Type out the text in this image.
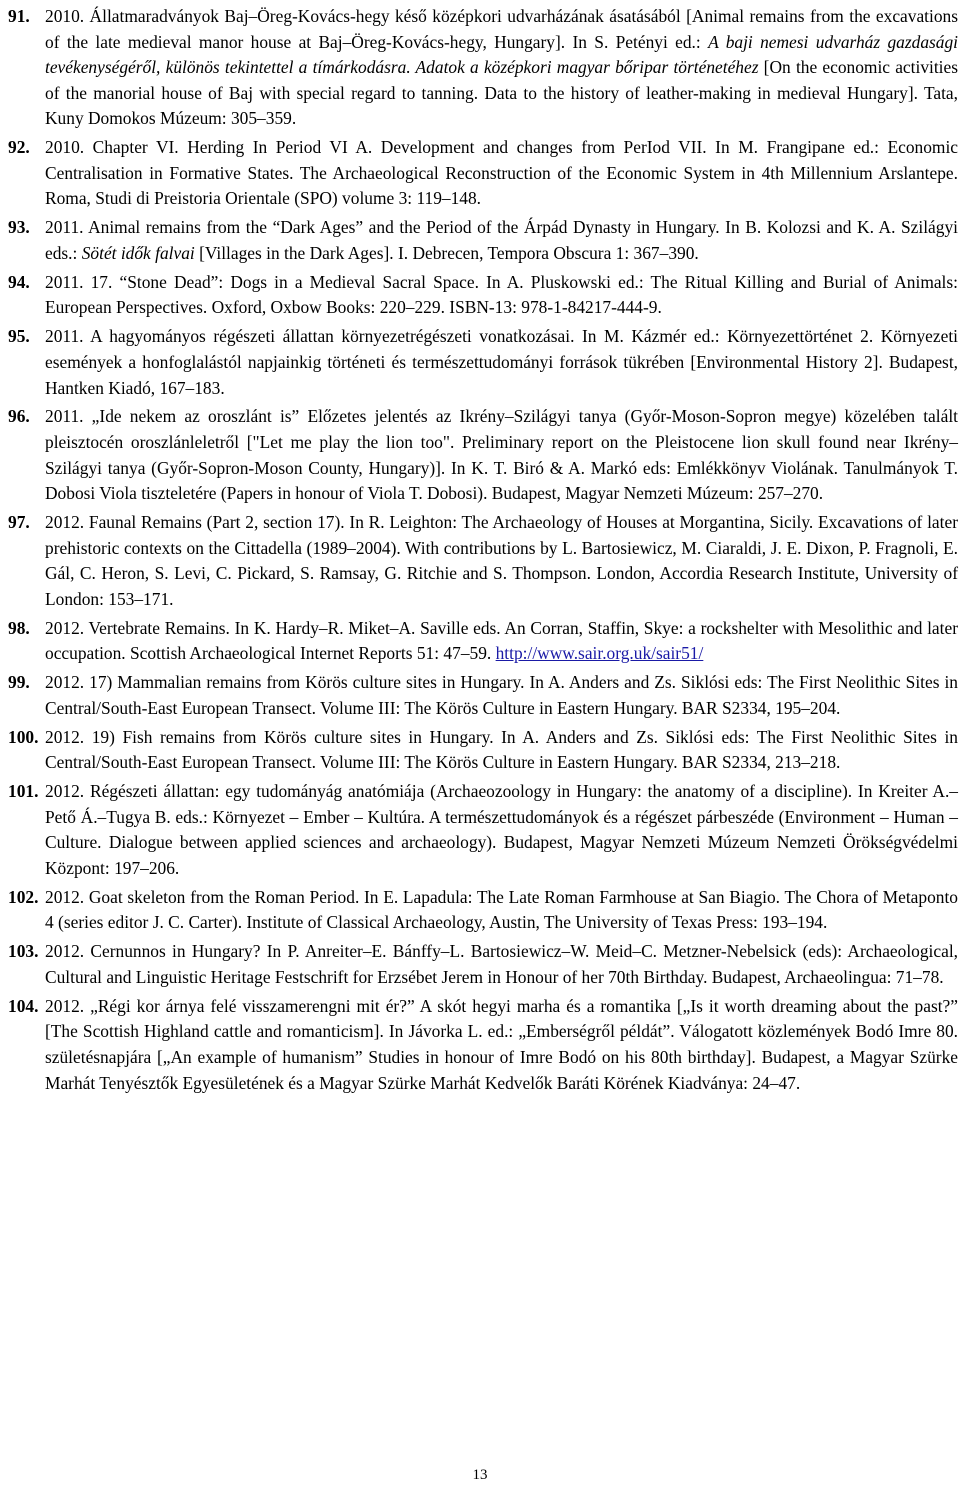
91. 2010. Állatmaradványok Baj–Öreg-Kovács-hegy késő középkori udvarházának ásatásából [Animal remains from the excavations of the late medieval manor house at Baj–Öreg-Kovács-hegy, Hungary]. In S. Petényi ed.: A baji nemesi udvarház gazdasági tevékenységéről, különös tekintettel a tímárkodásra. Adatok a középkori magyar bőripar történetéhez [On the economic activities of the manorial house of Baj with special regard to tanning. Data to the history of leather-making in medieval Hungary]. Tata, Kuny Domokos Múzeum: 305–359.
92. 2010. Chapter VI. Herding In Period VI A. Development and changes from PerIod VII. In M. Frangipane ed.: Economic Centralisation in Formative States. The Archaeological Reconstruction of the Economic System in 4th Millennium Arslantepe. Roma, Studi di Preistoria Orientale (SPO) volume 3: 119–148.
93. 2011. Animal remains from the “Dark Ages” and the Period of the Árpád Dynasty in Hungary. In B. Kolozsi and K. A. Szilágyi eds.: Sötét idők falvai [Villages in the Dark Ages]. I. Debrecen, Tempora Obscura 1: 367–390.
94. 2011. 17. “Stone Dead”: Dogs in a Medieval Sacral Space. In A. Pluskowski ed.: The Ritual Killing and Burial of Animals: European Perspectives. Oxford, Oxbow Books: 220–229. ISBN-13: 978-1-84217-444-9.
95. 2011. A hagyományos régészeti állattan környezetrégészeti vonatkozásai. In M. Kázmér ed.: Környezettörténet 2. Környezeti események a honfoglalástól napjainkig történeti és természettudományi források tükrében [Environmental History 2]. Budapest, Hantken Kiadó, 167–183.
96. 2011. „Ide nekem az oroszlánt is” Előzetes jelentés az Ikrény–Szilágyi tanya (Győr-Moson-Sopron megye) közelében talált pleisztocén oroszlánleletről ["Let me play the lion too". Preliminary report on the Pleistocene lion skull found near Ikrény–Szilágyi tanya (Győr-Sopron-Moson County, Hungary)]. In K. T. Biró & A. Markó eds: Emlékkönyv Violának. Tanulmányok T. Dobosi Viola tiszteletére (Papers in honour of Viola T. Dobosi). Budapest, Magyar Nemzeti Múzeum: 257–270.
97. 2012. Faunal Remains (Part 2, section 17). In R. Leighton: The Archaeology of Houses at Morgantina, Sicily. Excavations of later prehistoric contexts on the Cittadella (1989–2004). With contributions by L. Bartosiewicz, M. Ciaraldi, J. E. Dixon, P. Fragnoli, E. Gál, C. Heron, S. Levi, C. Pickard, S. Ramsay, G. Ritchie and S. Thompson. London, Accordia Research Institute, University of London: 153–171.
98. 2012. Vertebrate Remains. In K. Hardy–R. Miket–A. Saville eds. An Corran, Staffin, Skye: a rockshelter with Mesolithic and later occupation. Scottish Archaeological Internet Reports 51: 47–59. http://www.sair.org.uk/sair51/
99. 2012. 17) Mammalian remains from Körös culture sites in Hungary. In A. Anders and Zs. Siklósi eds: The First Neolithic Sites in Central/South-East European Transect. Volume III: The Körös Culture in Eastern Hungary. BAR S2334, 195–204.
100. 2012. 19) Fish remains from Körös culture sites in Hungary. In A. Anders and Zs. Siklósi eds: The First Neolithic Sites in Central/South-East European Transect. Volume III: The Körös Culture in Eastern Hungary. BAR S2334, 213–218.
101. 2012. Régészeti állattan: egy tudományág anatómiája (Archaeozoology in Hungary: the anatomy of a discipline). In Kreiter A.–Pető Á.–Tugya B. eds.: Környezet – Ember – Kultúra. A természettudományok és a régészet párbeszéde (Environment – Human – Culture. Dialogue between applied sciences and archaeology). Budapest, Magyar Nemzeti Múzeum Nemzeti Örökségvédelmi Központ: 197–206.
102. 2012. Goat skeleton from the Roman Period. In E. Lapadula: The Late Roman Farmhouse at San Biagio. The Chora of Metaponto 4 (series editor J. C. Carter). Institute of Classical Archaeology, Austin, The University of Texas Press: 193–194.
103. 2012. Cernunnos in Hungary? In P. Anreiter–E. Bánffy–L. Bartosiewicz–W. Meid–C. Metzner-Nebelsick (eds): Archaeological, Cultural and Linguistic Heritage Festschrift for Erzsébet Jerem in Honour of her 70th Birthday. Budapest, Archaeolingua: 71–78.
104. 2012. „Régi kor árnya felé visszamerengni mit ér?” A skót hegyi marha és a romantika [„Is it worth dreaming about the past?” [The Scottish Highland cattle and romanticism]. In Jávorka L. ed.: „Emberségről példát”. Válogatott közlemények Bodó Imre 80. születésnapjára [„An example of humanism” Studies in honour of Imre Bodó on his 80th birthday]. Budapest, a Magyar Szürke Marhát Tenyésztők Egyesületének és a Magyar Szürke Marhát Kedvelők Baráti Körének Kiadványa: 24–47.
13
